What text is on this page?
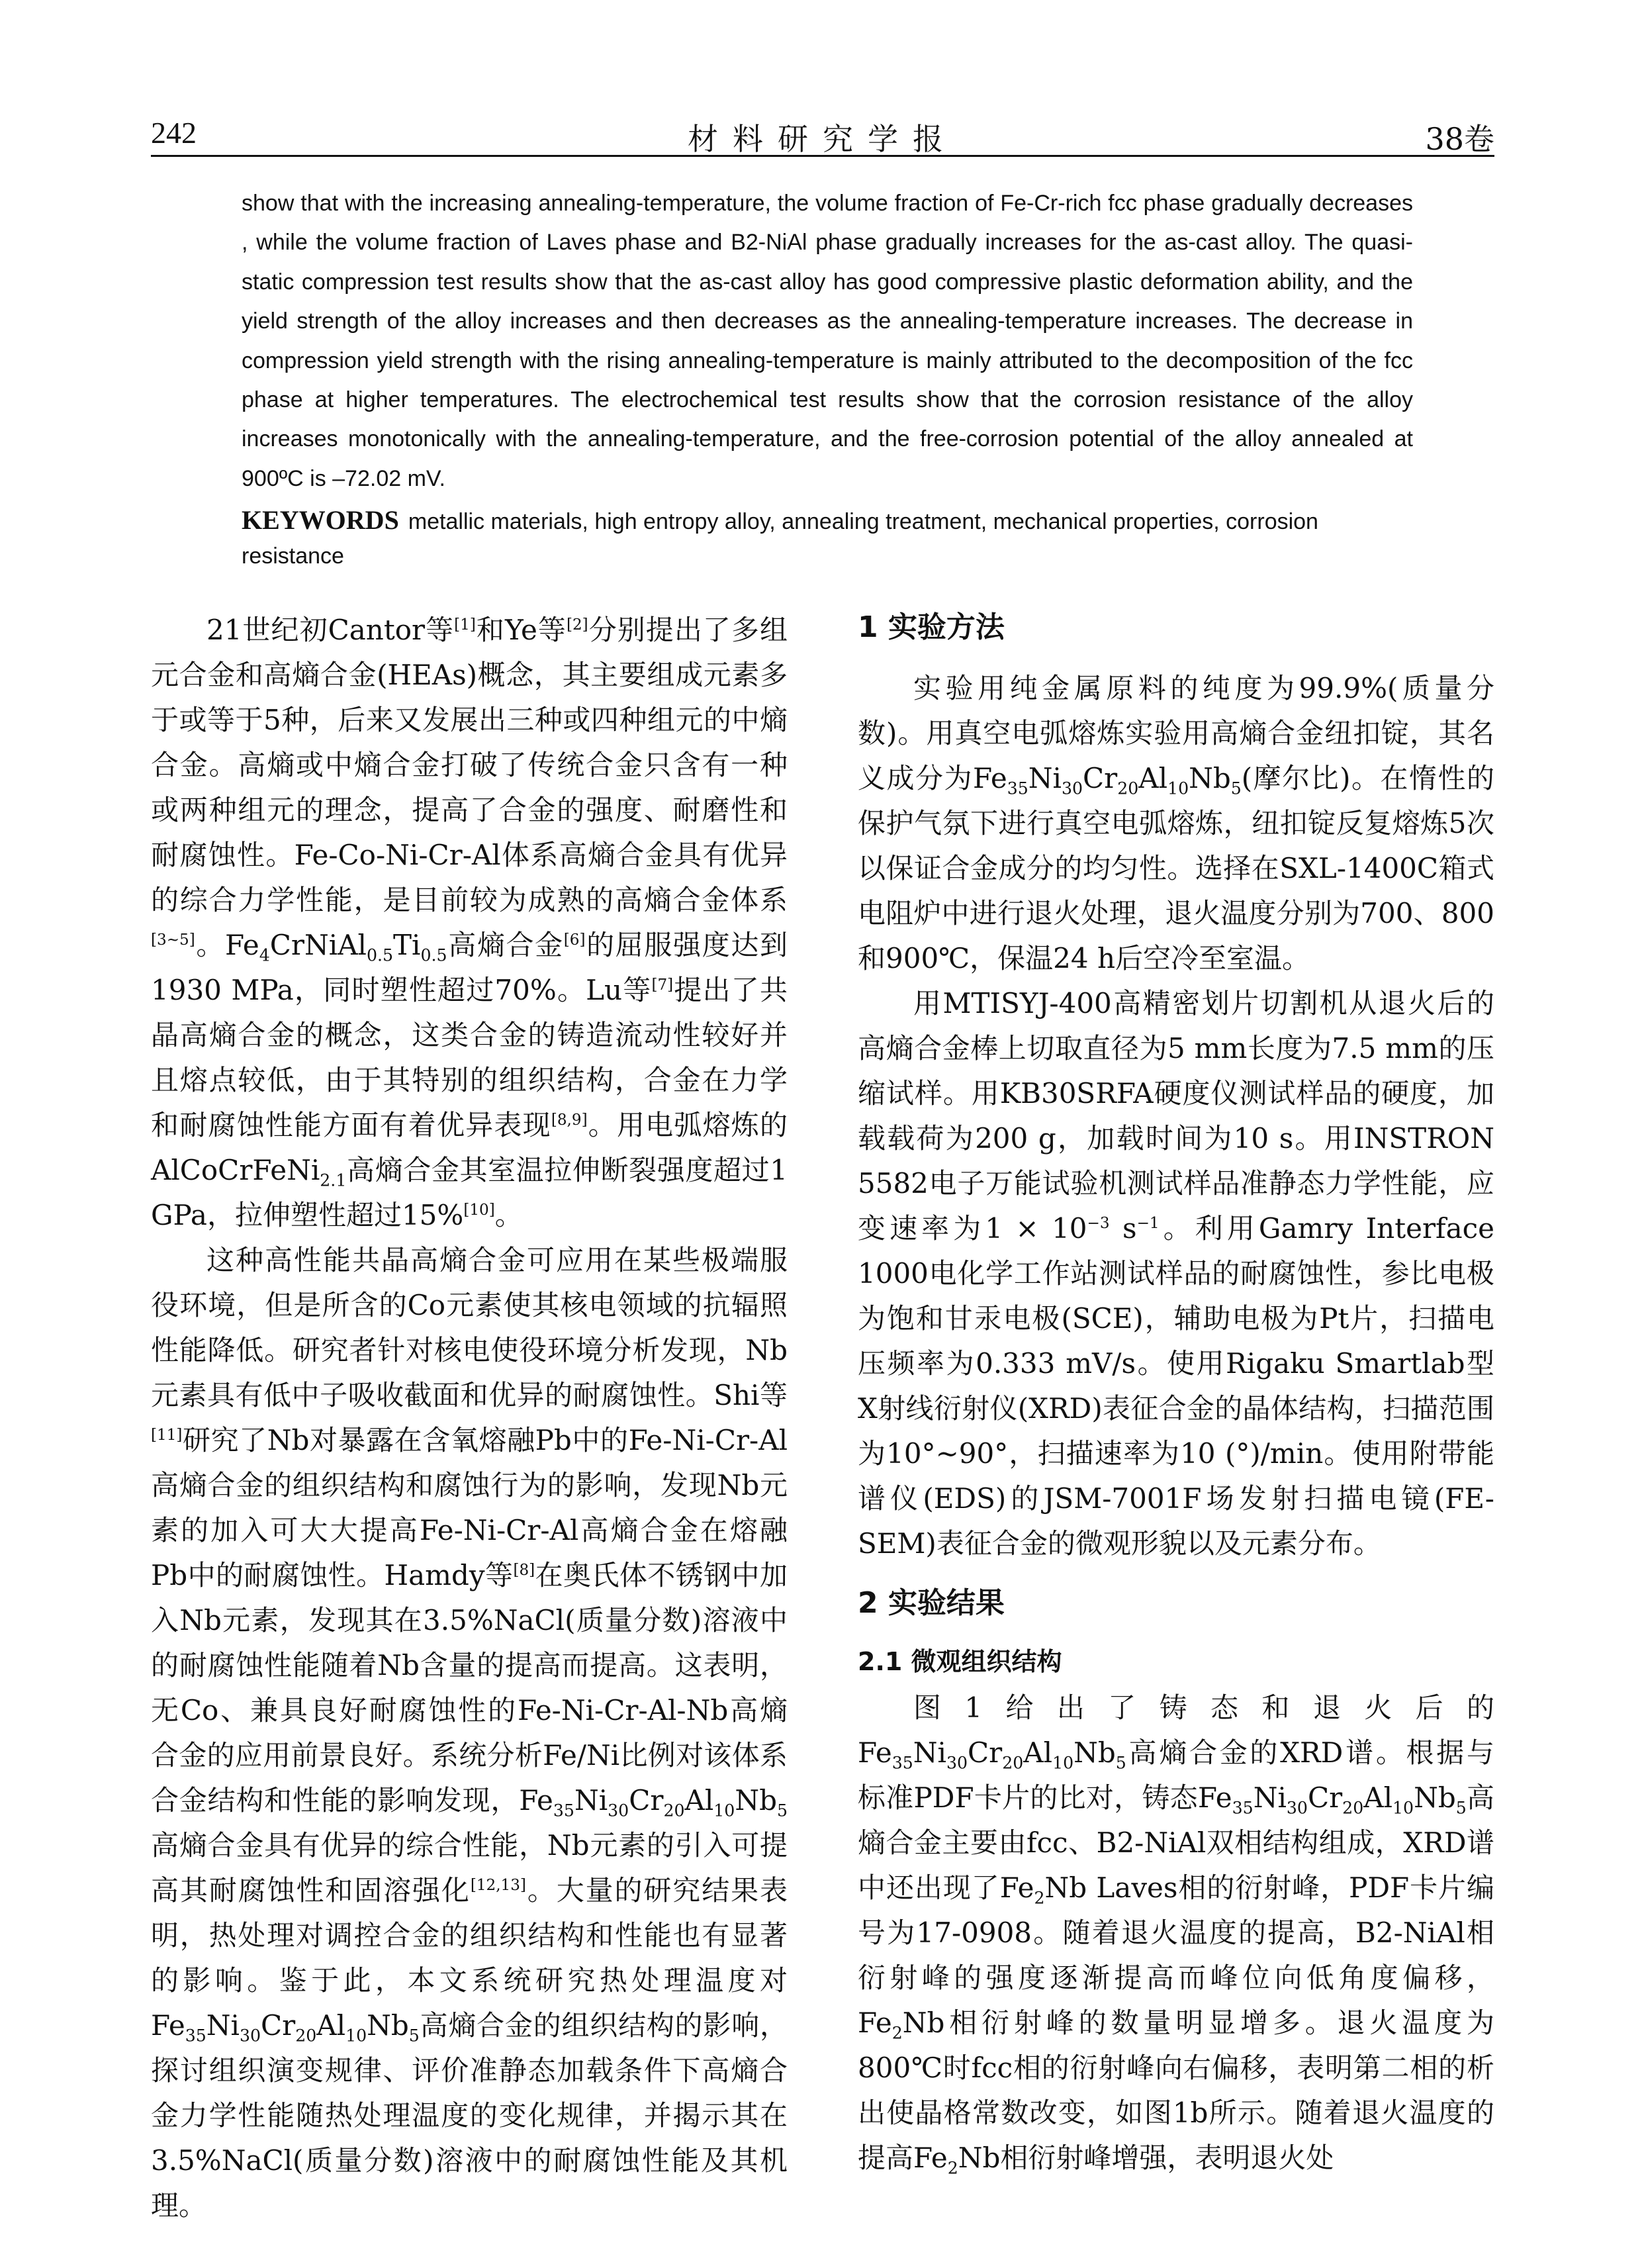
242	材料研究学报	38卷

show that with the increasing annealing-temperature, the volume fraction of Fe-Cr-rich fcc phase gradually decreases , while the volume fraction of Laves phase and B2-NiAl phase gradually increases for the as-cast alloy. The quasi-static compression test results show that the as-cast alloy has good compressive plastic deformation ability, and the yield strength of the alloy increases and then decreases as the annealing-temperature increases. The decrease in compression yield strength with the rising annealing-temperature is mainly attributed to the decomposition of the fcc phase at higher temperatures. The electrochemical test results show that the corrosion resistance of the alloy increases monotonically with the annealing-temperature, and the free-corrosion potential of the alloy annealed at 900ºC is –72.02 mV.

KEYWORDS metallic materials, high entropy alloy, annealing treatment, mechanical properties, corrosion resistance

21世纪初Cantor等[1]和Ye等[2]分别提出了多组元合金和高熵合金(HEAs)概念，其主要组成元素多于或等于5种，后来又发展出三种或四种组元的中熵合金。高熵或中熵合金打破了传统合金只含有一种或两种组元的理念，提高了合金的强度、耐磨性和耐腐蚀性。Fe-Co-Ni-Cr-Al体系高熵合金具有优异的综合力学性能，是目前较为成熟的高熵合金体系[3~5]。$Fe_4CrNiAl_{0.5}Ti_{0.5}$高熵合金[6]的屈服强度达到1930 MPa，同时塑性超过70%。Lu等[7]提出了共晶高熵合金的概念，这类合金的铸造流动性较好并且熔点较低，由于其特别的组织结构，合金在力学和耐腐蚀性能方面有着优异表现[8,9]。用电弧熔炼的AlCoCrFeNi$_{2.1}$高熵合金其室温拉伸断裂强度超过1 GPa，拉伸塑性超过15%[10]。

这种高性能共晶高熵合金可应用在某些极端服役环境，但是所含的Co元素使其核电领域的抗辐照性能降低。研究者针对核电使役环境分析发现，Nb元素具有低中子吸收截面和优异的耐腐蚀性。Shi等[11]研究了Nb对暴露在含氧熔融Pb中的Fe-Ni-Cr-Al高熵合金的组织结构和腐蚀行为的影响，发现Nb元素的加入可大大提高Fe-Ni-Cr-Al高熵合金在熔融Pb中的耐腐蚀性。Hamdy等[8]在奥氏体不锈钢中加入Nb元素，发现其在3.5%NaCl(质量分数)溶液中的耐腐蚀性能随着Nb含量的提高而提高。这表明，无Co、兼具良好耐腐蚀性的Fe-Ni-Cr-Al-Nb高熵合金的应用前景良好。系统分析Fe/Ni比例对该体系合金结构和性能的影响发现，$Fe_{35}Ni_{30}Cr_{20}Al_{10}Nb_5$高熵合金具有优异的综合性能，Nb元素的引入可提高其耐腐蚀性和固溶强化[12,13]。大量的研究结果表明，热处理对调控合金的组织结构和性能也有显著的影响。鉴于此，本文系统研究热处理温度对$Fe_{35}Ni_{30}Cr_{20}Al_{10}Nb_5$高熵合金的组织结构的影响，探讨组织演变规律、评价准静态加载条件下高熵合金力学性能随热处理温度的变化规律，并揭示其在3.5%NaCl(质量分数)溶液中的耐腐蚀性能及其机理。

1 实验方法

实验用纯金属原料的纯度为99.9%(质量分数)。用真空电弧熔炼实验用高熵合金纽扣锭，其名义成分为$Fe_{35}Ni_{30}Cr_{20}Al_{10}Nb_5$(摩尔比)。在惰性的保护气氛下进行真空电弧熔炼，纽扣锭反复熔炼5次以保证合金成分的均匀性。选择在SXL-1400C箱式电阻炉中进行退火处理，退火温度分别为700、800和900℃，保温24 h后空冷至室温。

用MTISYJ-400高精密划片切割机从退火后的高熵合金棒上切取直径为5 mm长度为7.5 mm的压缩试样。用KB30SRFA硬度仪测试样品的硬度，加载载荷为200 g，加载时间为10 s。用INSTRON 5582电子万能试验机测试样品准静态力学性能，应变速率为$1 \times 10^{-3}$ $s^{-1}$。利用Gamry Interface 1000电化学工作站测试样品的耐腐蚀性，参比电极为饱和甘汞电极(SCE)，辅助电极为Pt片，扫描电压频率为0.333 mV/s。使用Rigaku Smartlab型X射线衍射仪(XRD)表征合金的晶体结构，扫描范围为10°~90°，扫描速率为10 (°)/min。使用附带能谱仪(EDS)的JSM-7001F场发射扫描电镜(FE-SEM)表征合金的微观形貌以及元素分布。

2 实验结果
2.1 微观组织结构

图1给出了铸态和退火后的$Fe_{35}Ni_{30}Cr_{20}Al_{10}Nb_5$高熵合金的XRD谱。根据与标准PDF卡片的比对，铸态$Fe_{35}Ni_{30}Cr_{20}Al_{10}Nb_5$高熵合金主要由fcc、B2-NiAl双相结构组成，XRD谱中还出现了$Fe_2Nb$ Laves相的衍射峰，PDF卡片编号为17-0908。随着退火温度的提高，B2-NiAl相衍射峰的强度逐渐提高而峰位向低角度偏移，$Fe_2Nb$相衍射峰的数量明显增多。退火温度为800℃时fcc相的衍射峰向右偏移，表明第二相的析出使晶格常数改变，如图1b所示。随着退火温度的提高$Fe_2Nb$相衍射峰增强，表明退火处
